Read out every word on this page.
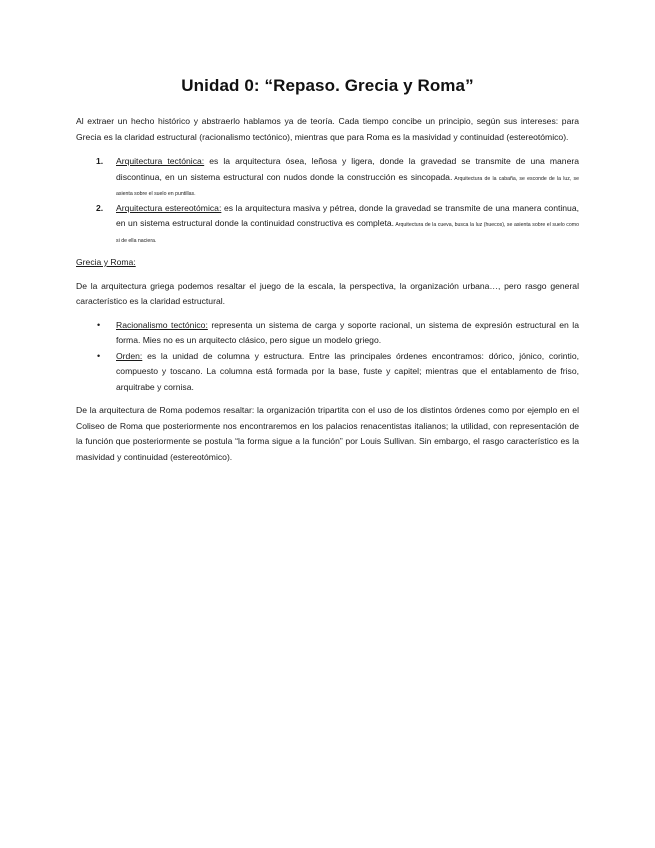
Unidad 0: “Repaso. Grecia y Roma”

Al extraer un hecho histórico y abstraerlo hablamos ya de teoría. Cada tiempo concibe un principio, según sus intereses: para Grecia es la claridad estructural (racionalismo tectónico), mientras que para Roma es la masividad y continuidad (estereotómico).

1. Arquitectura tectónica: es la arquitectura ósea, leñosa y ligera, donde la gravedad se transmite de una manera discontinua, en un sistema estructural con nudos donde la construcción es sincopada. Arquitectura de la cabaña, se esconde de la luz, se asienta sobre el suelo en puntillas.
2. Arquitectura estereotómica: es la arquitectura masiva y pétrea, donde la gravedad se transmite de una manera continua, en un sistema estructural donde la continuidad constructiva es completa. Arquitectura de la cueva, busca la luz (huecos), se asienta sobre el suelo como si de ella naciera.
Grecia y Roma:

De la arquitectura griega podemos resaltar el juego de la escala, la perspectiva, la organización urbana…, pero rasgo general característico es la claridad estructural.

• Racionalismo tectónico: representa un sistema de carga y soporte racional, un sistema de expresión estructural en la forma. Mies no es un arquitecto clásico, pero sigue un modelo griego.
• Orden: es la unidad de columna y estructura. Entre las principales órdenes encontramos: dórico, jónico, corintio, compuesto y toscano. La columna está formada por la base, fuste y capitel; mientras que el entablamento de friso, arquitrabe y cornisa.

De la arquitectura de Roma podemos resaltar: la organización tripartita con el uso de los distintos órdenes como por ejemplo en el Coliseo de Roma que posteriormente nos encontraremos en los palacios renacentistas italianos; la utilidad, con representación de la función que posteriormente se postula “la forma sigue a la función” por Louis Sullivan. Sin embargo, el rasgo característico es la masividad y continuidad (estereotómico).
